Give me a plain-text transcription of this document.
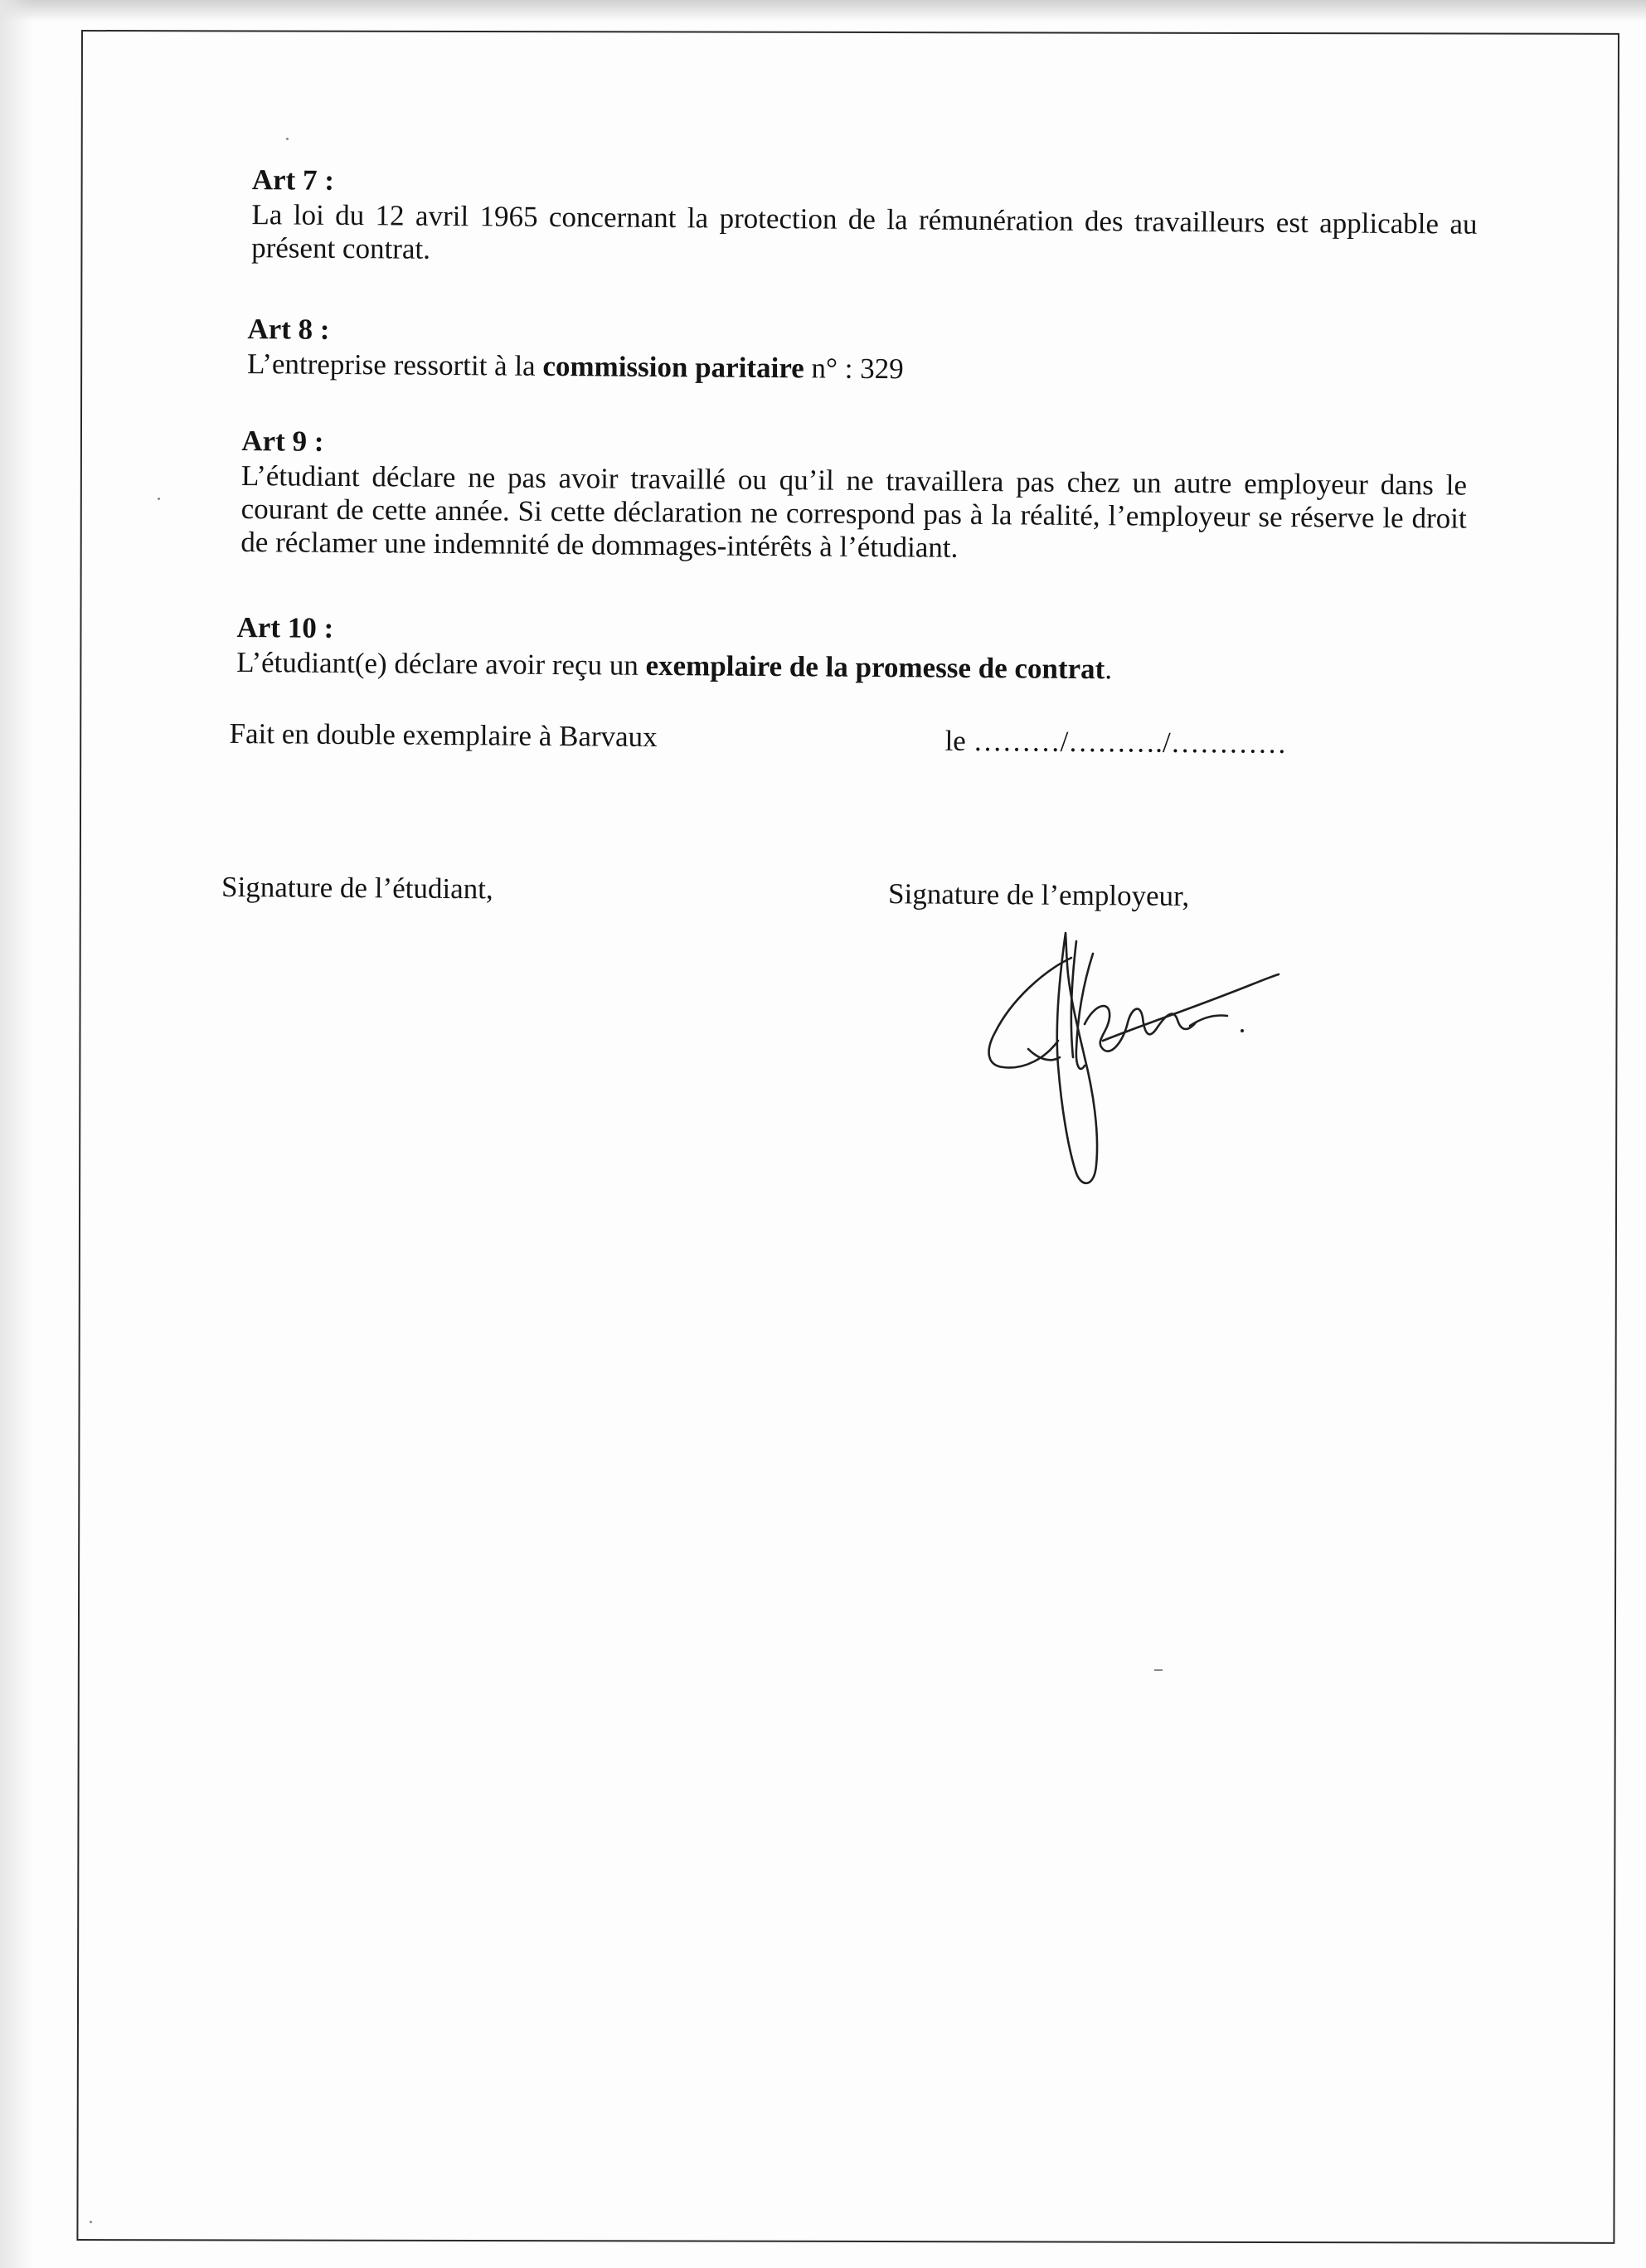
Art 7 :

La loi du 12 avril 1965 concernant la protection de la rémunération des travailleurs est applicable au présent contrat.

Art 8 :

L’entreprise ressortit à la commission paritaire n° : 329

Art 9 :

L’étudiant déclare ne pas avoir travaillé ou qu’il ne travaillera pas chez un autre employeur dans le courant de cette année. Si cette déclaration ne correspond pas à la réalité, l’employeur se réserve le droit de réclamer une indemnité de dommages-intérêts à l’étudiant.

Art 10 :

L’étudiant(e) déclare avoir reçu un exemplaire de la promesse de contrat.

Fait en double exemplaire à Barvaux	le ………/………./…………
Signature de l’étudiant,	Signature de l’employeur,
